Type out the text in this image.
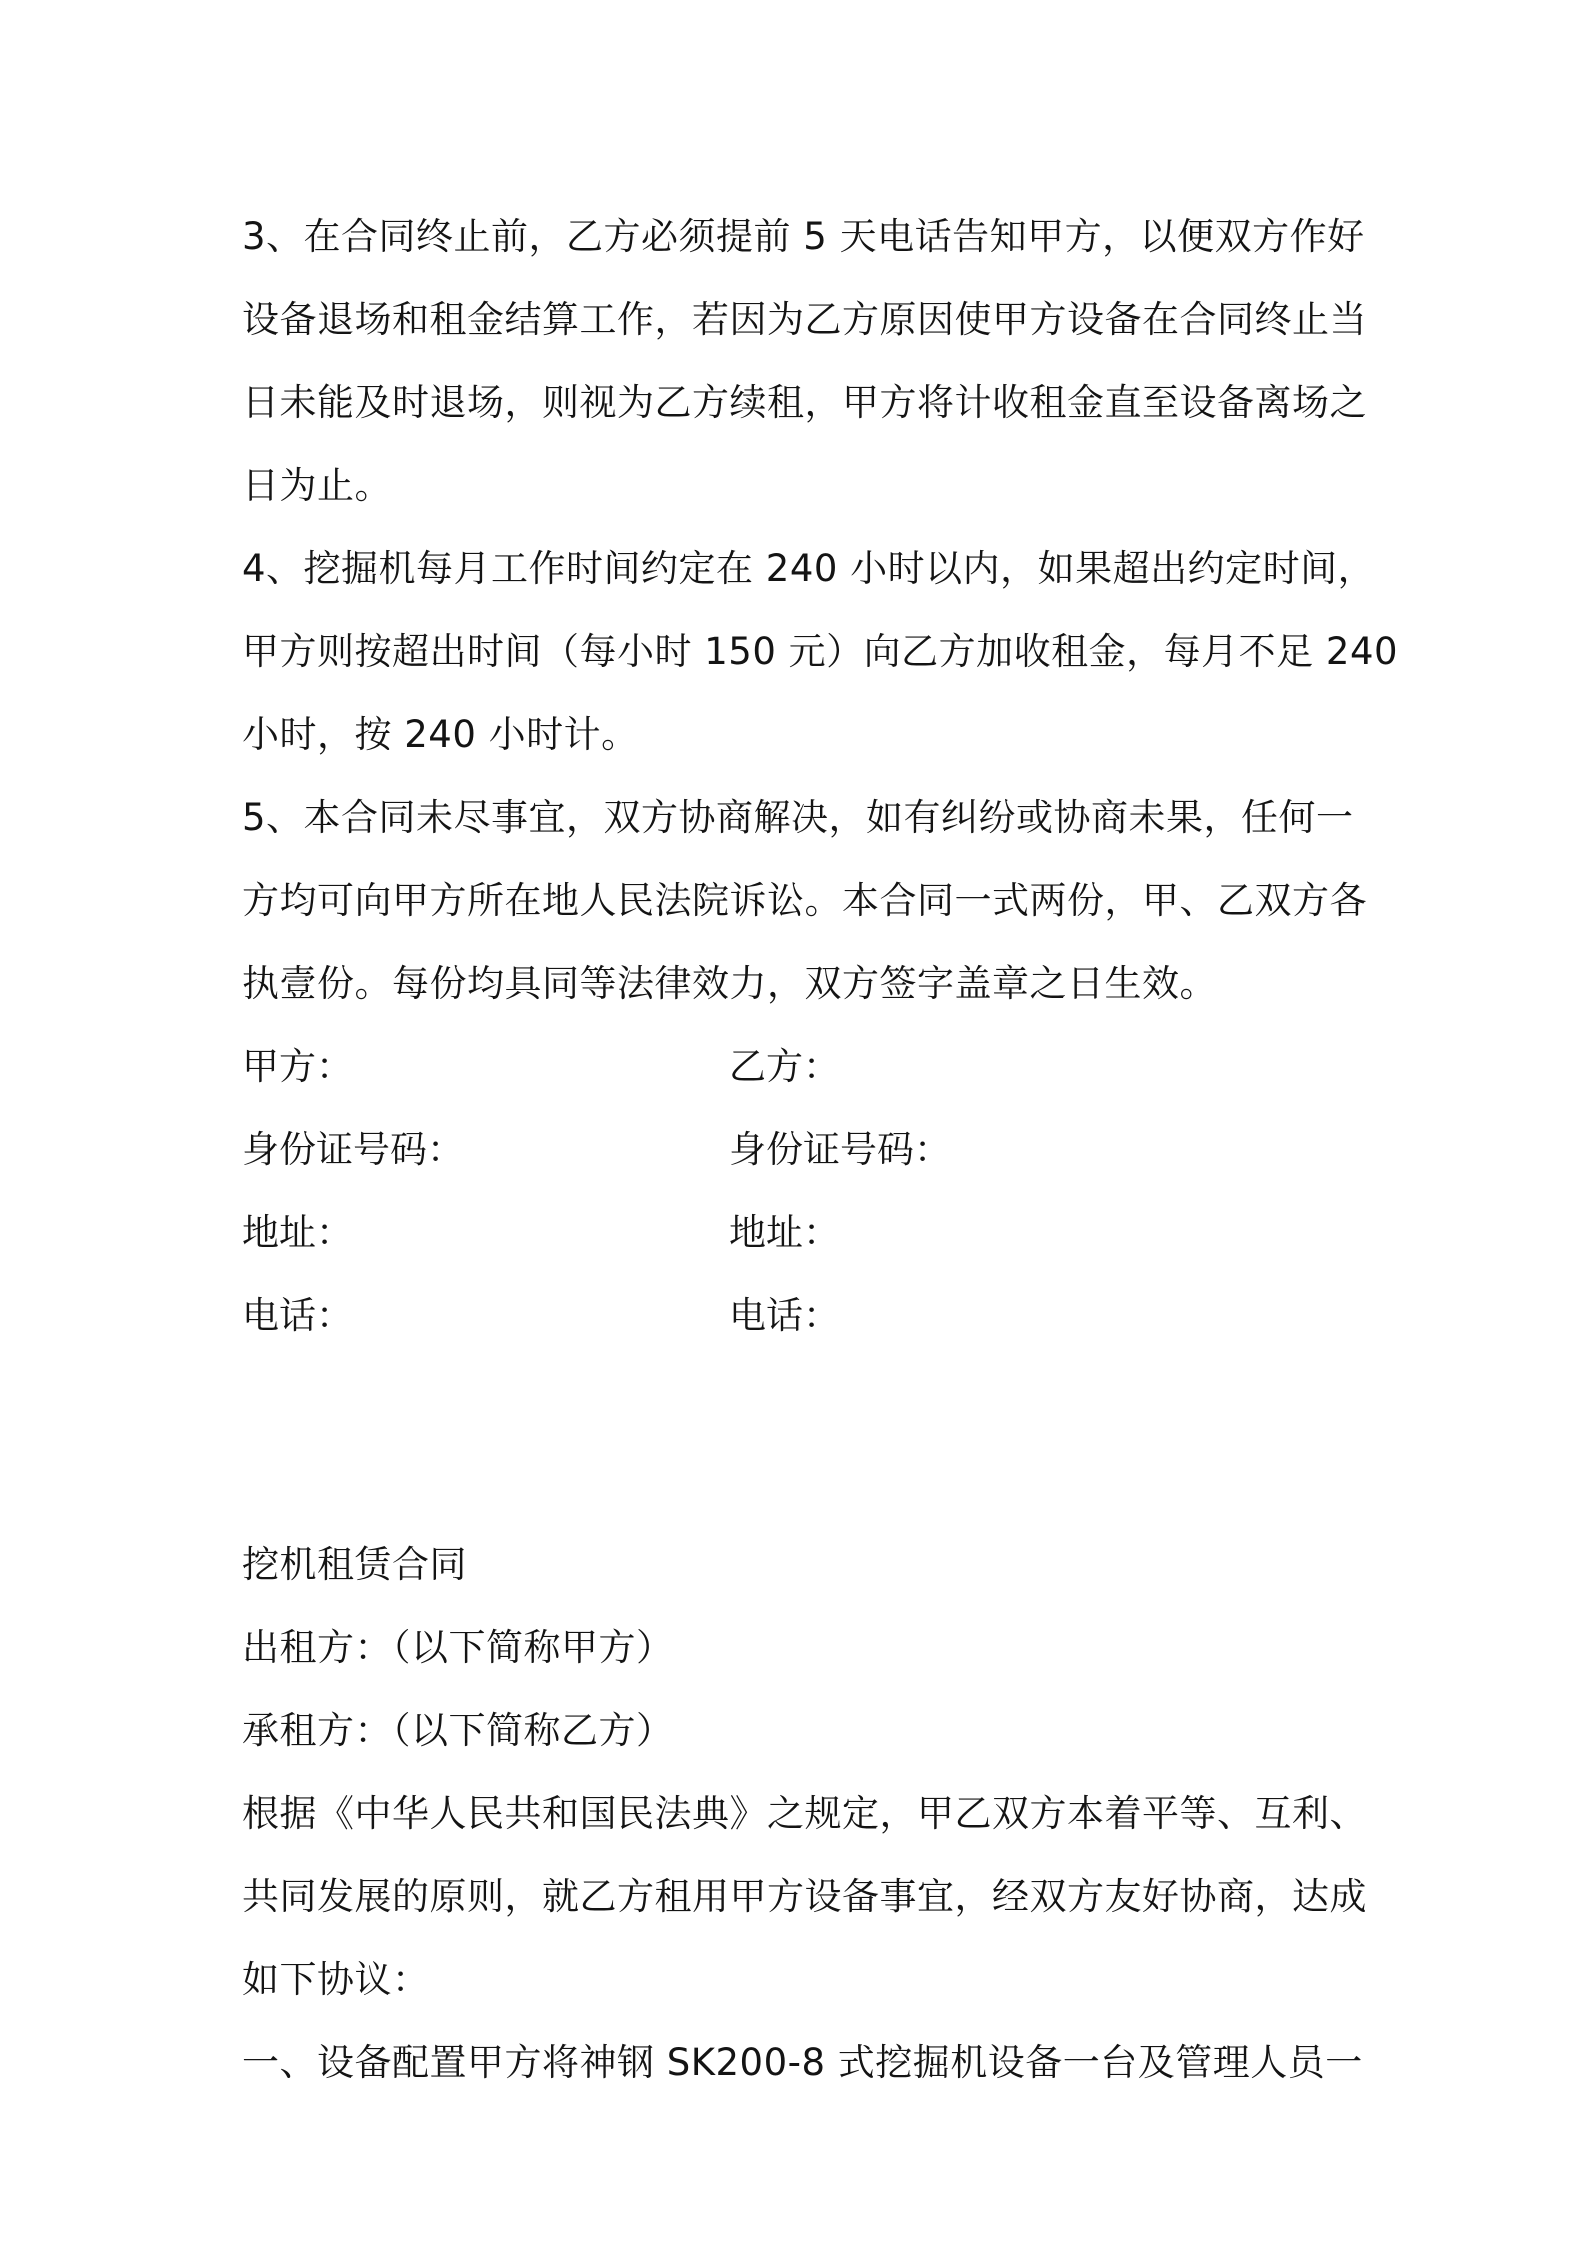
3、在合同终止前，乙方必须提前 5 天电话告知甲方，以便双方作好
设备退场和租金结算工作，若因为乙方原因使甲方设备在合同终止当
日未能及时退场，则视为乙方续租，甲方将计收租金直至设备离场之
日为止。
4、挖掘机每月工作时间约定在 240 小时以内，如果超出约定时间，
甲方则按超出时间（每小时 150 元）向乙方加收租金，每月不足 240
小时，按 240 小时计。
5、本合同未尽事宜，双方协商解决，如有纠纷或协商未果，任何一
方均可向甲方所在地人民法院诉讼。本合同一式两份，甲、乙双方各
执壹份。每份均具同等法律效力，双方签字盖章之日生效。
甲方：	乙方：
身份证号码：	身份证号码：
地址：	地址：
电话：	电话：
挖机租赁合同
出租方：（以下简称甲方）
承租方：（以下简称乙方）
根据《中华人民共和国民法典》之规定，甲乙双方本着平等、互利、
共同发展的原则，就乙方租用甲方设备事宜，经双方友好协商，达成
如下协议：
一、设备配置甲方将神钢 SK200-8 式挖掘机设备一台及管理人员一
